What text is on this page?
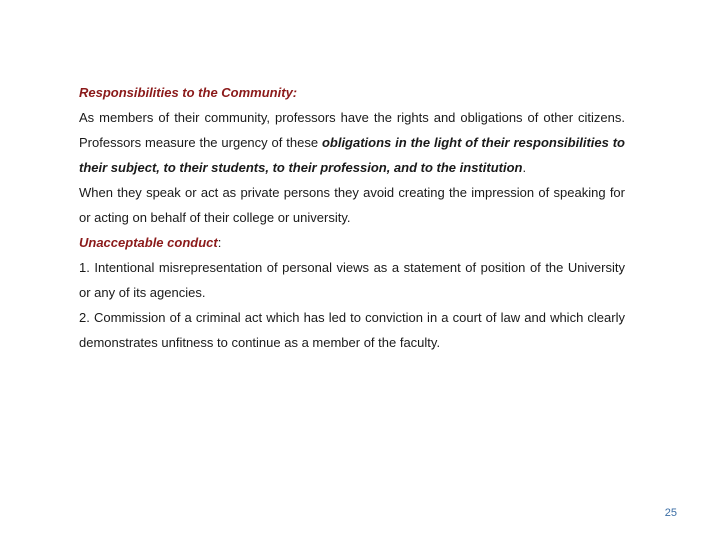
Responsibilities to the Community:

As members of their community, professors have the rights and obligations of other citizens. Professors measure the urgency of these obligations in the light of their responsibilities to their subject, to their students, to their profession, and to the institution.

When they speak or act as private persons they avoid creating the impression of speaking for or acting on behalf of their college or university.

Unacceptable conduct:

1. Intentional misrepresentation of personal views as a statement of position of the University or any of its agencies.

2. Commission of a criminal act which has led to conviction in a court of law and which clearly demonstrates unfitness to continue as a member of the faculty.

25
